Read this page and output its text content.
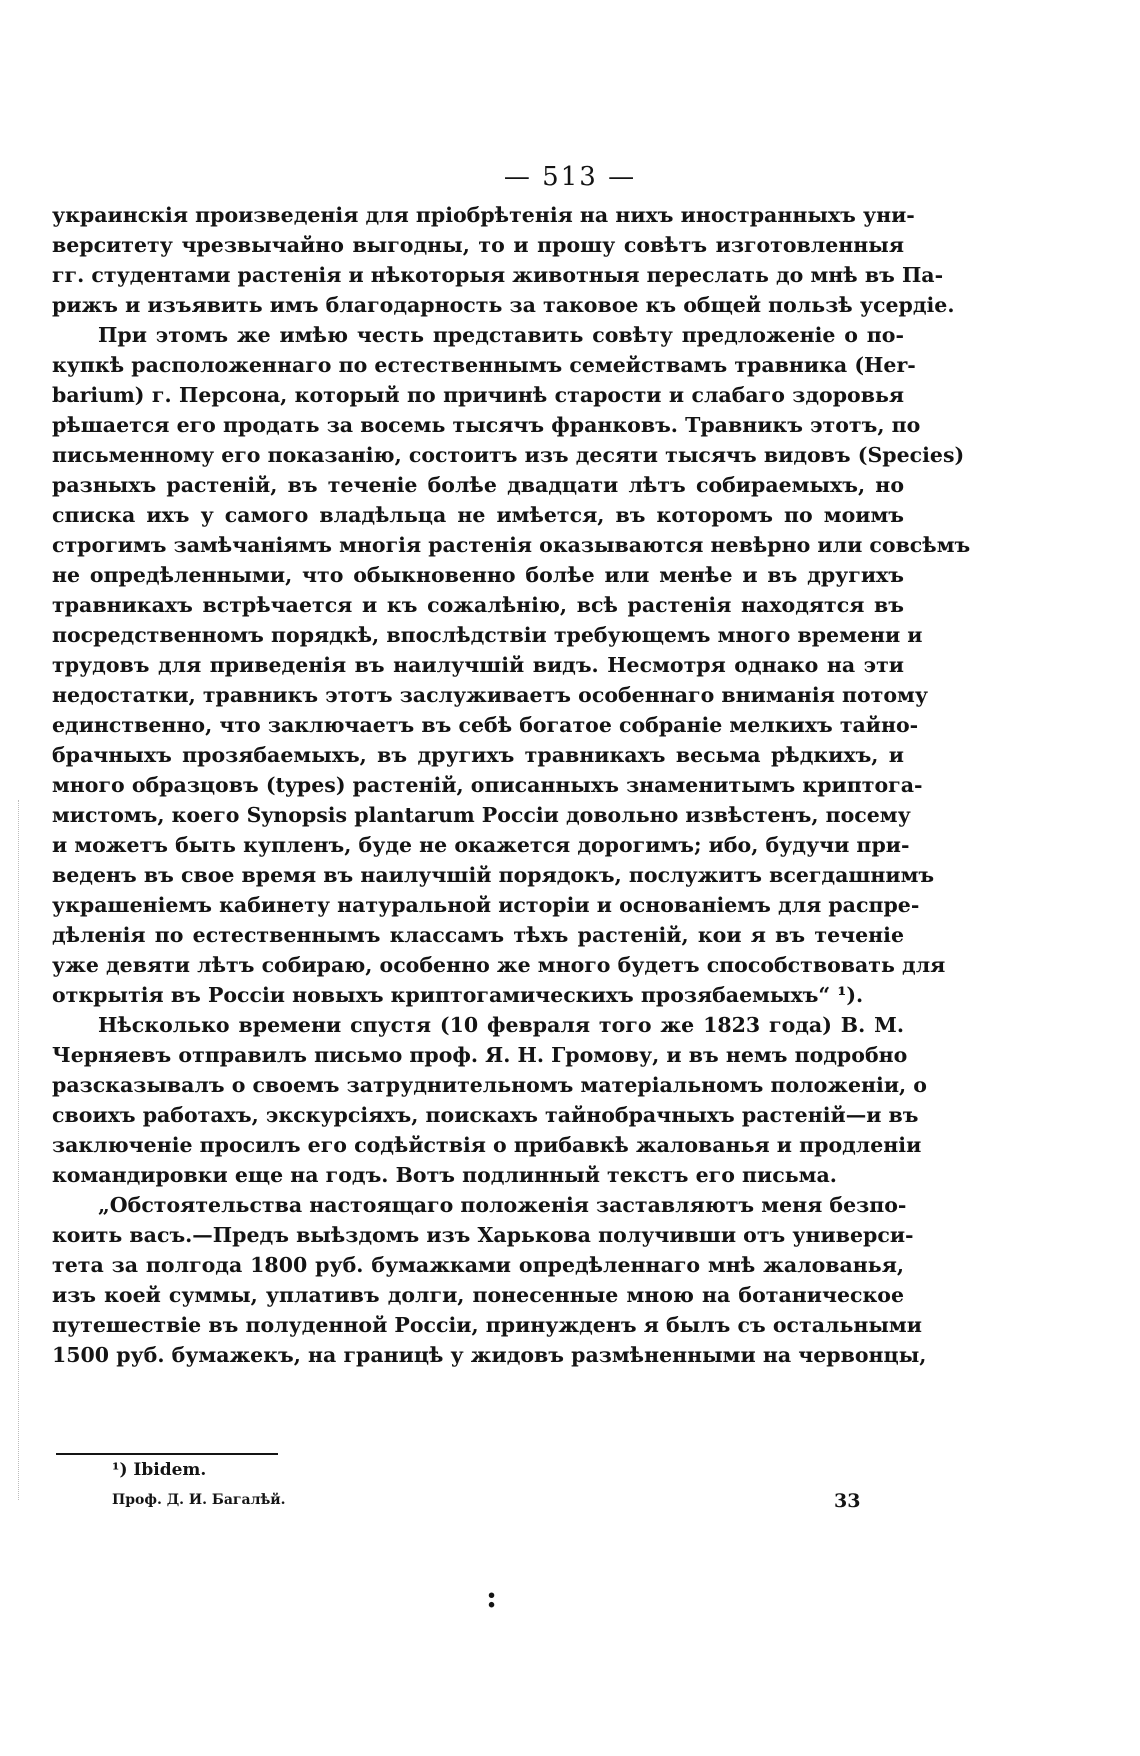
— 513 —
украинскія произведенія для пріобрѣтенія на нихъ иностранныхъ уни-
верситету чрезвычайно выгодны, то и прошу совѣтъ изготовленныя
гг. студентами растенія и нѣкоторыя животныя переслать до мнѣ въ Па-
рижъ и изъявить имъ благодарность за таковое къ общей пользѣ усердіе.
При этомъ же имѣю честь представить совѣту предложеніе о по-
купкѣ расположеннаго по естественнымъ семействамъ травника (Her-
barium) г. Персона, который по причинѣ старости и слабаго здоровья
рѣшается его продать за восемь тысячъ франковъ. Травникъ этотъ, по
письменному его показанію, состоитъ изъ десяти тысячъ видовъ (Species)
разныхъ растеній, въ теченіе болѣе двадцати лѣтъ собираемыхъ, но
списка ихъ у самого владѣльца не имѣется, въ которомъ по моимъ
строгимъ замѣчаніямъ многія растенія оказываются невѣрно или совсѣмъ
не опредѣленными, что обыкновенно болѣе или менѣе и въ другихъ
травникахъ встрѣчается и къ сожалѣнію, всѣ растенія находятся въ
посредственномъ порядкѣ, впослѣдствіи требующемъ много времени и
трудовъ для приведенія въ наилучшій видъ. Несмотря однако на эти
недостатки, травникъ этотъ заслуживаетъ особеннаго вниманія потому
единственно, что заключаетъ въ себѣ богатое собраніе мелкихъ тайно-
брачныхъ прозябаемыхъ, въ другихъ травникахъ весьма рѣдкихъ, и
много образцовъ (types) растеній, описанныхъ знаменитымъ криптога-
мистомъ, коего Synopsis plantarum Россіи довольно извѣстенъ, посему
и можетъ быть купленъ, буде не окажется дорогимъ; ибо, будучи при-
веденъ въ свое время въ наилучшій порядокъ, послужитъ всегдашнимъ
украшеніемъ кабинету натуральной исторіи и основаніемъ для распре-
дѣленія по естественнымъ классамъ тѣхъ растеній, кои я въ теченіе
уже девяти лѣтъ собираю, особенно же много будетъ способствовать для
открытія въ Россіи новыхъ криптогамическихъ прозябаемыхъ“ ¹).
Нѣсколько времени спустя (10 февраля того же 1823 года) В. М.
Черняевъ отправилъ письмо проф. Я. Н. Громову, и въ немъ подробно
разсказывалъ о своемъ затруднительномъ матеріальномъ положеніи, о
своихъ работахъ, экскурсіяхъ, поискахъ тайнобрачныхъ растеній—и въ
заключеніе просилъ его содѣйствія о прибавкѣ жалованья и продленіи
командировки еще на годъ. Вотъ подлинный текстъ его письма.
„Обстоятельства настоящаго положенія заставляютъ меня безпо-
коить васъ.—Предъ выѣздомъ изъ Харькова получивши отъ универси-
тета за полгода 1800 руб. бумажками опредѣленнаго мнѣ жалованья,
изъ коей суммы, уплативъ долги, понесенные мною на ботаническое
путешествіе въ полуденной Россіи, принужденъ я былъ съ остальными
1500 руб. бумажекъ, на границѣ у жидовъ размѣненными на червонцы,
¹) Ibidem.
Проф. Д. И. Багалѣй.	33
:
